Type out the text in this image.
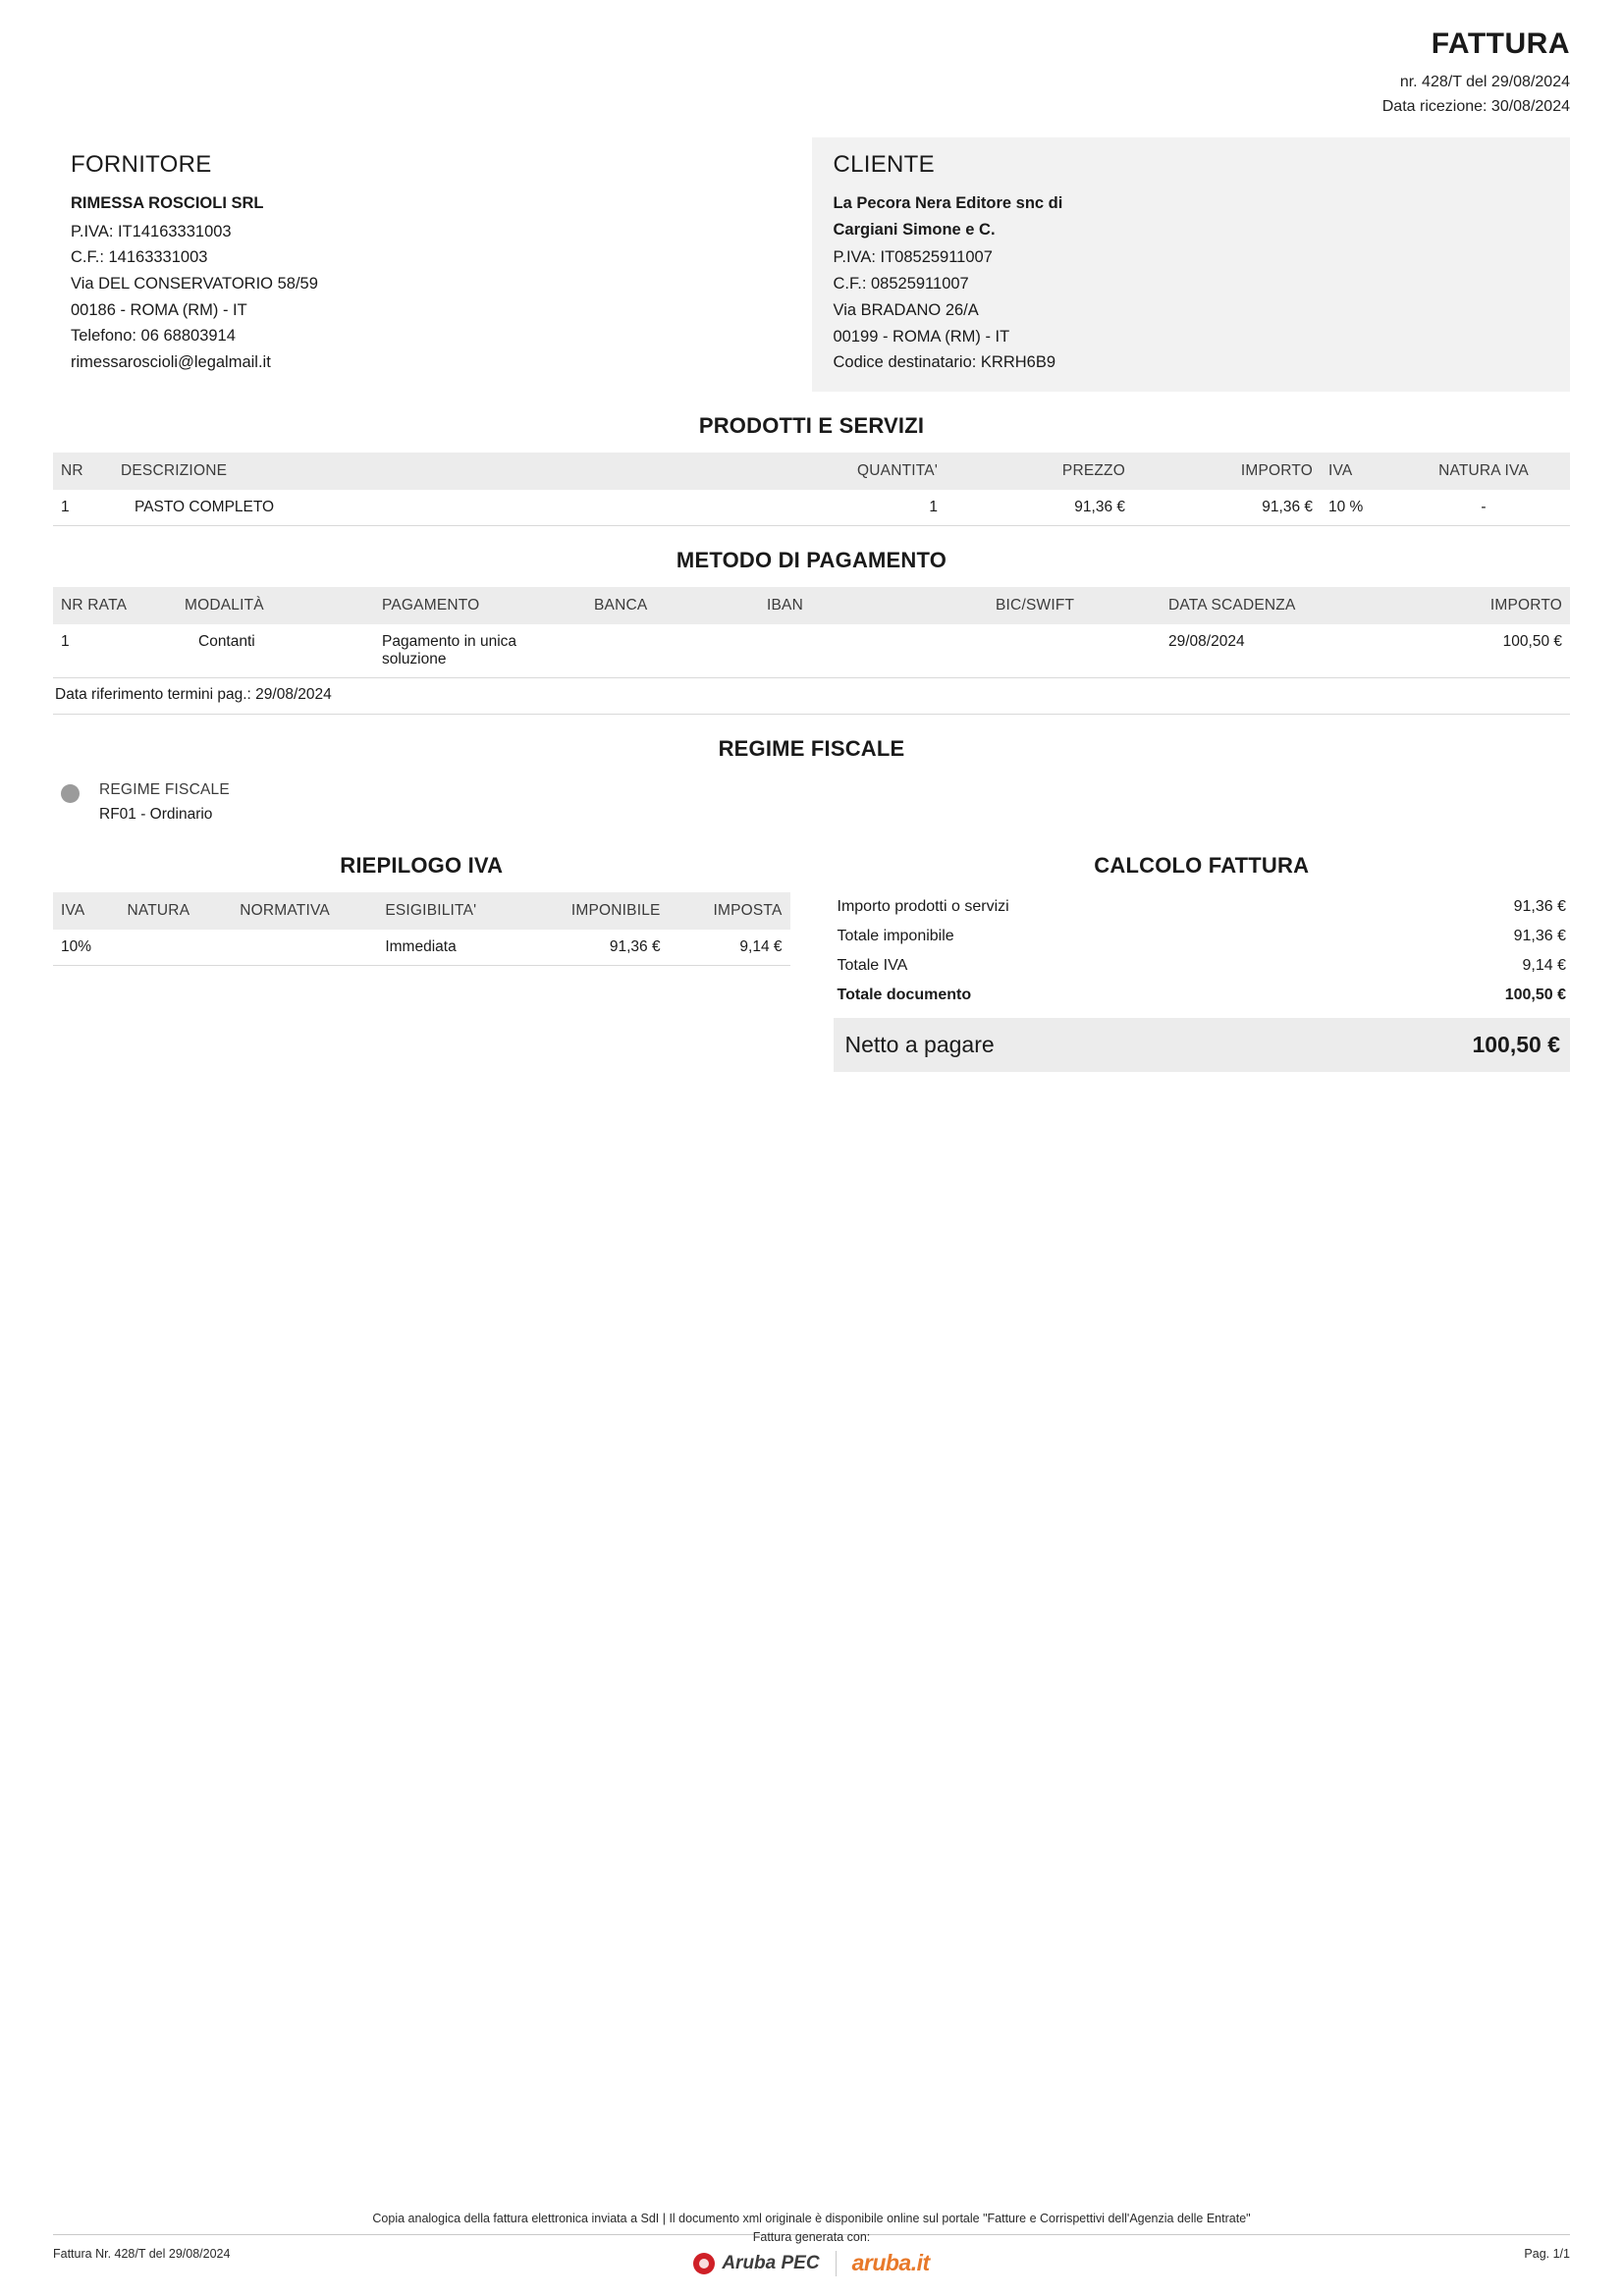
FATTURA
nr. 428/T del 29/08/2024
Data ricezione: 30/08/2024
FORNITORE
RIMESSA ROSCIOLI SRL
P.IVA: IT14163331003
C.F.: 14163331003
Via DEL CONSERVATORIO 58/59
00186 - ROMA (RM) - IT
Telefono: 06 68803914
rimessaroscioli@legalmail.it
CLIENTE
La Pecora Nera Editore snc di
Cargiani Simone e C.
P.IVA: IT08525911007
C.F.: 08525911007
Via BRADANO 26/A
00199 - ROMA (RM) - IT
Codice destinatario: KRRH6B9
PRODOTTI E SERVIZI
NR	DESCRIZIONE	QUANTITA'	PREZZO	IMPORTO	IVA	NATURA IVA
1	PASTO COMPLETO	1	91,36 €	91,36 €	10 %	-
METODO DI PAGAMENTO
NR RATA	MODALITÀ	PAGAMENTO	BANCA	IBAN	BIC/SWIFT	DATA SCADENZA	IMPORTO
1	Contanti	Pagamento in unica soluzione				29/08/2024	100,50 €
Data riferimento termini pag.: 29/08/2024
REGIME FISCALE
REGIME FISCALE
RF01 - Ordinario
RIEPILOGO IVA
IVA	NATURA	NORMATIVA	ESIGIBILITA'	IMPONIBILE	IMPOSTA
10%			Immediata	91,36 €	9,14 €
CALCOLO FATTURA
Importo prodotti o servizi	91,36 €
Totale imponibile	91,36 €
Totale IVA	9,14 €
Totale documento	100,50 €
Netto a pagare	100,50 €
Copia analogica della fattura elettronica inviata a SdI | Il documento xml originale è disponibile online sul portale "Fatture e Corrispettivi dell'Agenzia delle Entrate"
Fattura Nr. 428/T del 29/08/2024
Fattura generata con:
Aruba PEC aruba.it	Pag. 1/1
